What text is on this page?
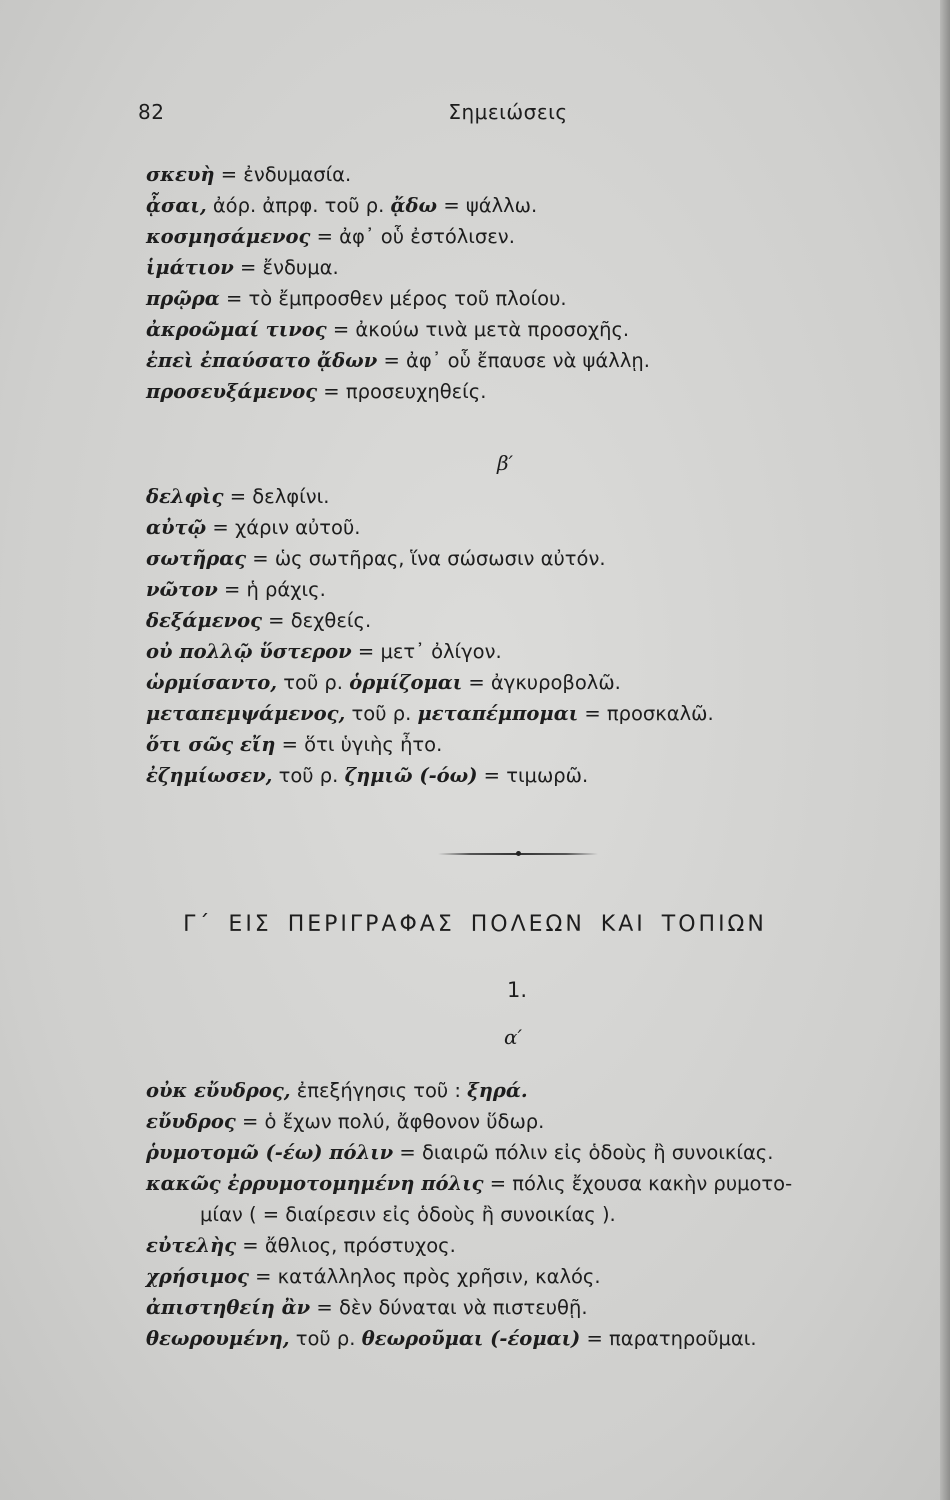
82	Σημειώσεις
σκευὴ = ἐνδυμασία.
ᾆσαι, ἀόρ. ἀπρφ. τοῦ ρ. ᾄδω = ψάλλω.
κοσμησάμενος = ἀφ᾽ οὗ ἐστόλισεν.
ἱμάτιον = ἔνδυμα.
πρῷρα = τὸ ἔμπροσθεν μέρος τοῦ πλοίου.
ἀκροῶμαί τινος = ἀκούω τινὰ μετὰ προσοχῆς.
ἐπεὶ ἐπαύσατο ᾄδων = ἀφ᾽ οὗ ἔπαυσε νὰ ψάλλῃ.
προσευξάμενος = προσευχηθείς.
β′
δελφὶς = δελφίνι.
αὐτῷ = χάριν αὐτοῦ.
σωτῆρας = ὡς σωτῆρας, ἵνα σώσωσιν αὐτόν.
νῶτον = ἡ ράχις.
δεξάμενος = δεχθείς.
οὐ πολλῷ ὕστερον = μετ᾽ ὀλίγον.
ὡρμίσαντο, τοῦ ρ. ὁρμίζομαι = ἀγκυροβολῶ.
μεταπεμψάμενος, τοῦ ρ. μεταπέμπομαι = προσκαλῶ.
ὅτι σῶς εἴη = ὅτι ὑγιὴς ἦτο.
ἐζημίωσεν, τοῦ ρ. ζημιῶ (-όω) = τιμωρῶ.
Γ΄ ΕΙΣ ΠΕΡΙΓΡΑΦΑΣ ΠΟΛΕΩΝ ΚΑΙ ΤΟΠΙΩΝ
1.
α′
οὐκ εὔυδρος, ἐπεξήγησις τοῦ : ξηρά.
εὔυδρος = ὁ ἔχων πολύ, ἄφθονον ὕδωρ.
ῥυμοτομῶ (-έω) πόλιν = διαιρῶ πόλιν εἰς ὁδοὺς ἢ συνοικίας.
κακῶς ἐρρυμοτομημένη πόλις = πόλις ἔχουσα κακὴν ρυμοτο-
μίαν ( = διαίρεσιν εἰς ὁδοὺς ἢ συνοικίας ).
εὐτελὴς = ἄθλιος, πρόστυχος.
χρήσιμος = κατάλληλος πρὸς χρῆσιν, καλός.
ἀπιστηθείη ἂν = δὲν δύναται νὰ πιστευθῇ.
θεωρουμένη, τοῦ ρ. θεωροῦμαι (-έομαι) = παρατηροῦμαι.
